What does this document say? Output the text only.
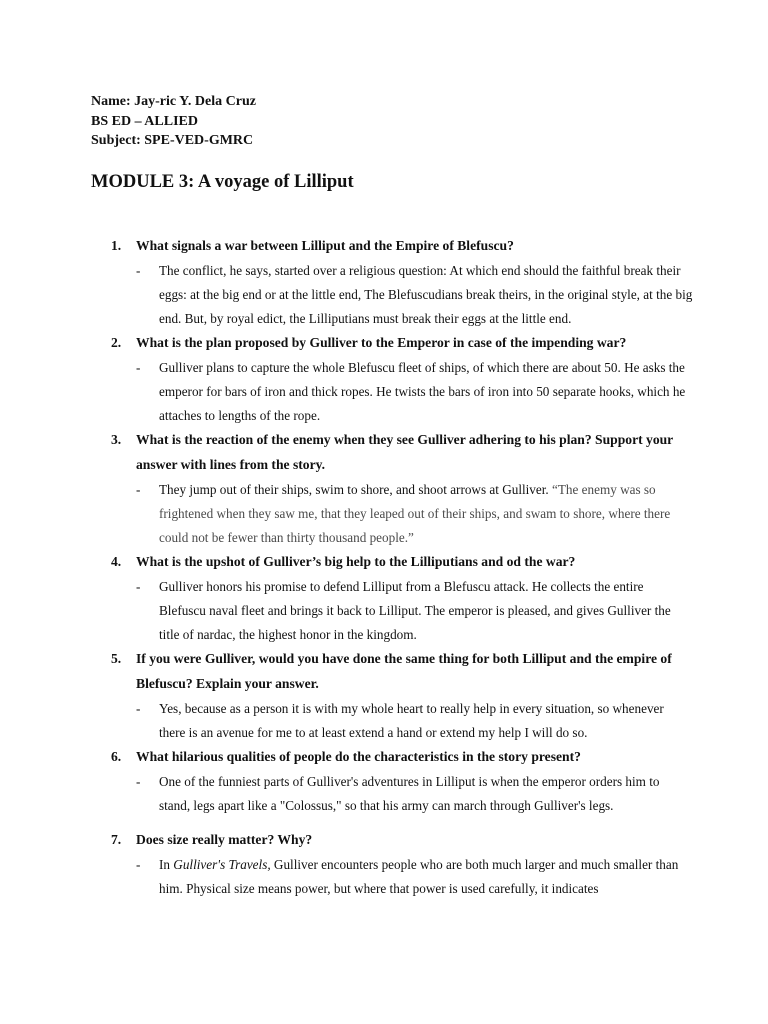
Name: Jay-ric Y. Dela Cruz
BS ED – ALLIED
Subject: SPE-VED-GMRC
MODULE 3: A voyage of Lilliput
1. What signals a war between Lilliput and the Empire of Blefuscu?
- The conflict, he says, started over a religious question: At which end should the faithful break their eggs: at the big end or at the little end, The Blefuscudians break theirs, in the original style, at the big end. But, by royal edict, the Lilliputians must break their eggs at the little end.
2. What is the plan proposed by Gulliver to the Emperor in case of the impending war?
- Gulliver plans to capture the whole Blefuscu fleet of ships, of which there are about 50. He asks the emperor for bars of iron and thick ropes. He twists the bars of iron into 50 separate hooks, which he attaches to lengths of the rope.
3. What is the reaction of the enemy when they see Gulliver adhering to his plan? Support your answer with lines from the story.
- They jump out of their ships, swim to shore, and shoot arrows at Gulliver. “The enemy was so frightened when they saw me, that they leaped out of their ships, and swam to shore, where there could not be fewer than thirty thousand people.”
4. What is the upshot of Gulliver’s big help to the Lilliputians and od the war?
- Gulliver honors his promise to defend Lilliput from a Blefuscu attack. He collects the entire Blefuscu naval fleet and brings it back to Lilliput. The emperor is pleased, and gives Gulliver the title of nardac, the highest honor in the kingdom.
5. If you were Gulliver, would you have done the same thing for both Lilliput and the empire of Blefuscu? Explain your answer.
- Yes, because as a person it is with my whole heart to really help in every situation, so whenever there is an avenue for me to at least extend a hand or extend my help I will do so.
6. What hilarious qualities of people do the characteristics in the story present?
- One of the funniest parts of Gulliver's adventures in Lilliput is when the emperor orders him to stand, legs apart like a "Colossus," so that his army can march through Gulliver's legs.
7. Does size really matter? Why?
- In Gulliver's Travels, Gulliver encounters people who are both much larger and much smaller than him. Physical size means power, but where that power is used carefully, it indicates
